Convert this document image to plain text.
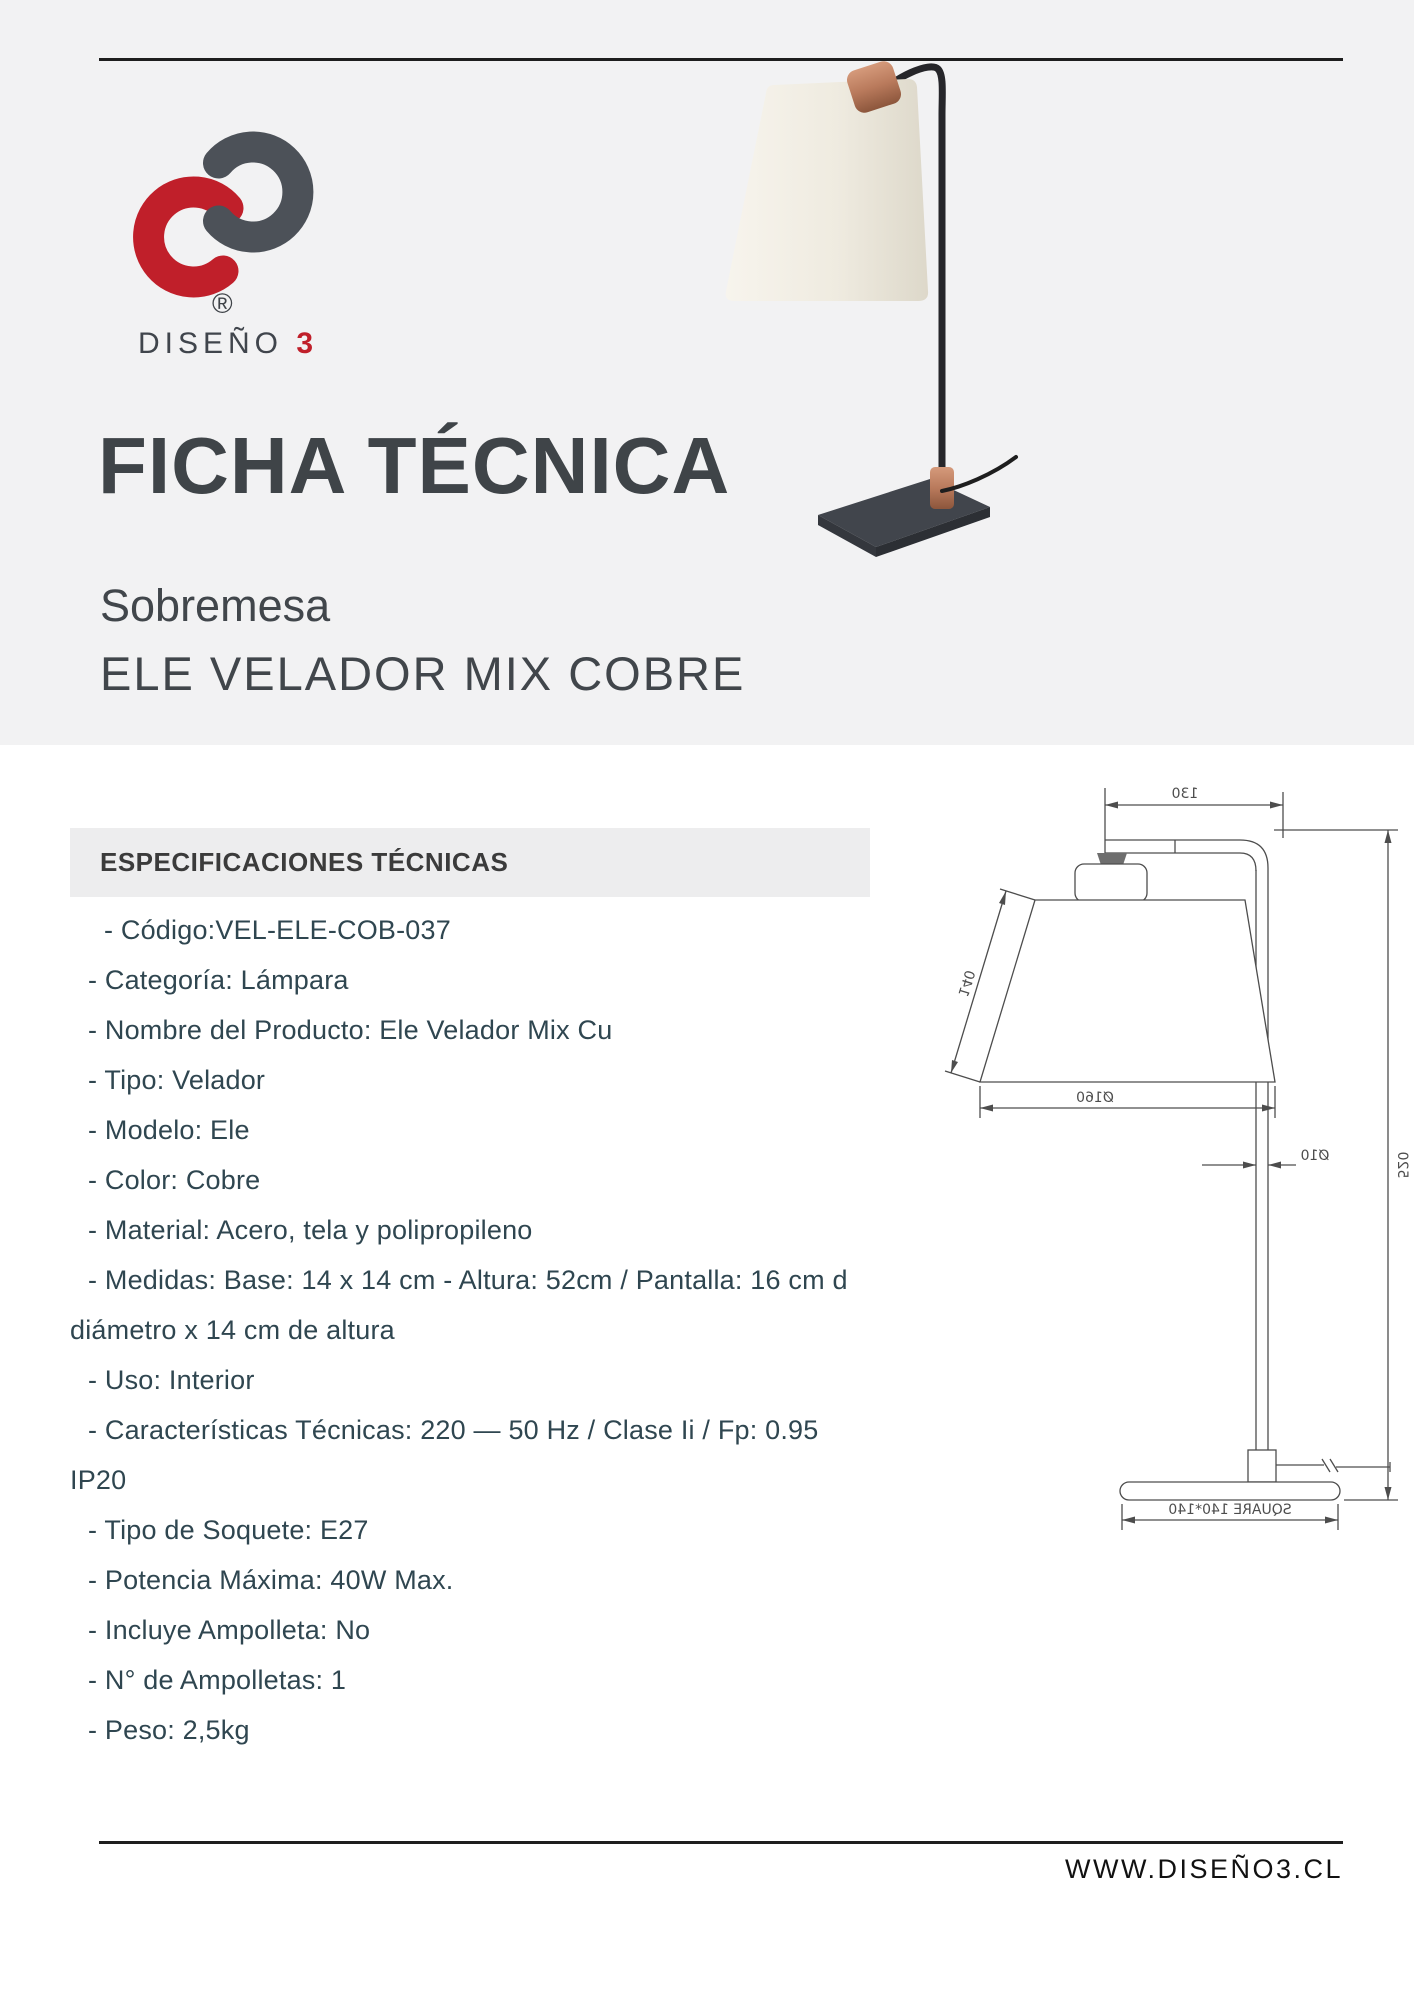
®
DISEÑO 3
FICHA TÉCNICA
Sobremesa
ELE VELADOR MIX COBRE
ESPECIFICACIONES TÉCNICAS
- Código:VEL-ELE-COB-037
- Categoría: Lámpara
- Nombre del Producto: Ele Velador Mix Cu
- Tipo: Velador
- Modelo: Ele
- Color: Cobre
- Material: Acero, tela y polipropileno
- Medidas: Base: 14 x 14 cm - Altura: 52cm / Pantalla: 16 cm d
diámetro x 14 cm de altura
- Uso: Interior
- Características Técnicas: 220 — 50 Hz / Clase Ii / Fp: 0.95
IP20
- Tipo de Soquete: E27
- Potencia Máxima: 40W Max.
- Incluye Ampolleta: No
- N° de Ampolletas: 1
- Peso: 2,5kg
130
140
Ø160
Ø10	520
SQUARE 140*140
WWW.DISEÑO3.CL
